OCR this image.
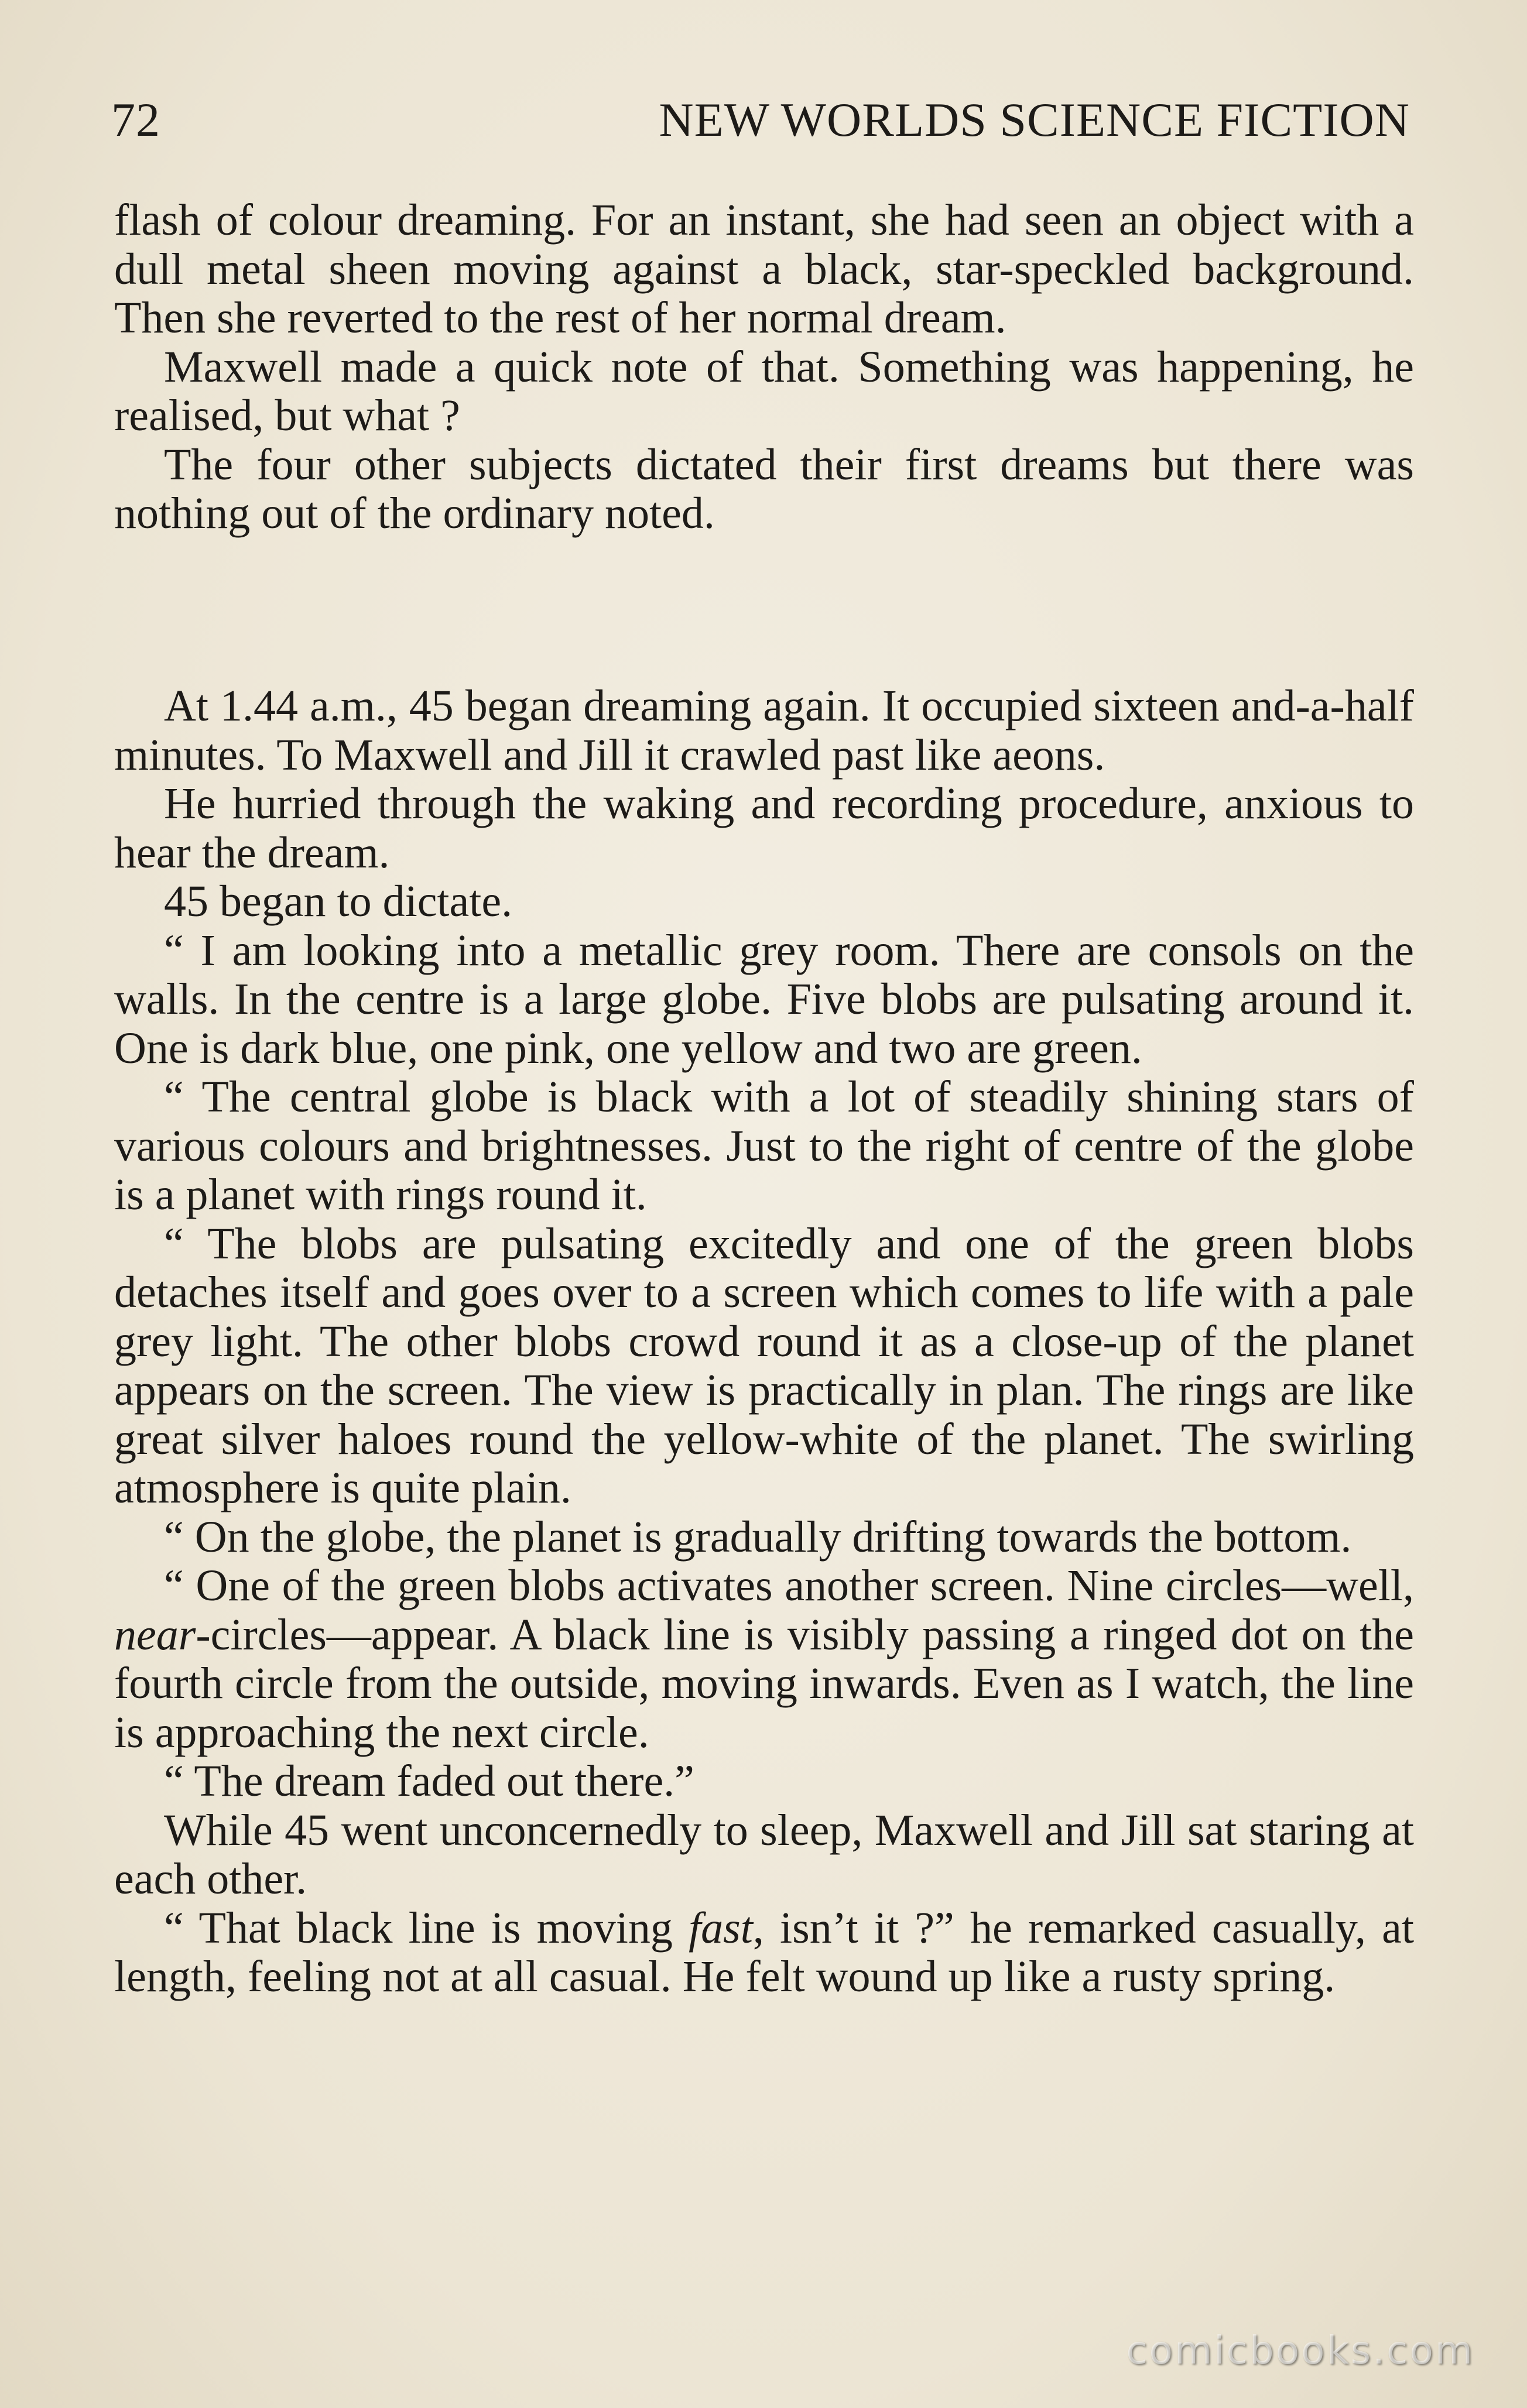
72	NEW WORLDS SCIENCE FICTION

flash of colour dreaming. For an instant, she had seen an object with a dull metal sheen moving against a black, star-speckled background. Then she reverted to the rest of her normal dream.

Maxwell made a quick note of that. Something was happening, he realised, but what ?

The four other subjects dictated their first dreams but there was nothing out of the ordinary noted.

At 1.44 a.m., 45 began dreaming again. It occupied sixteen and-a-half minutes. To Maxwell and Jill it crawled past like aeons.

He hurried through the waking and recording procedure, anxious to hear the dream.

45 began to dictate.

“ I am looking into a metallic grey room. There are consols on the walls. In the centre is a large globe. Five blobs are pulsating around it. One is dark blue, one pink, one yellow and two are green.

“ The central globe is black with a lot of steadily shining stars of various colours and brightnesses. Just to the right of centre of the globe is a planet with rings round it.

“ The blobs are pulsating excitedly and one of the green blobs detaches itself and goes over to a screen which comes to life with a pale grey light. The other blobs crowd round it as a close-up of the planet appears on the screen. The view is practically in plan. The rings are like great silver haloes round the yellow-white of the planet. The swirling atmosphere is quite plain.

“ On the globe, the planet is gradually drifting towards the bottom.

“ One of the green blobs activates another screen. Nine circles—well, near-circles—appear. A black line is visibly passing a ringed dot on the fourth circle from the outside, moving inwards. Even as I watch, the line is approaching the next circle.

“ The dream faded out there.”

While 45 went unconcernedly to sleep, Maxwell and Jill sat staring at each other.

“ That black line is moving fast, isn’t it ?” he remarked casually, at length, feeling not at all casual. He felt wound up like a rusty spring.

comicbooks.com
